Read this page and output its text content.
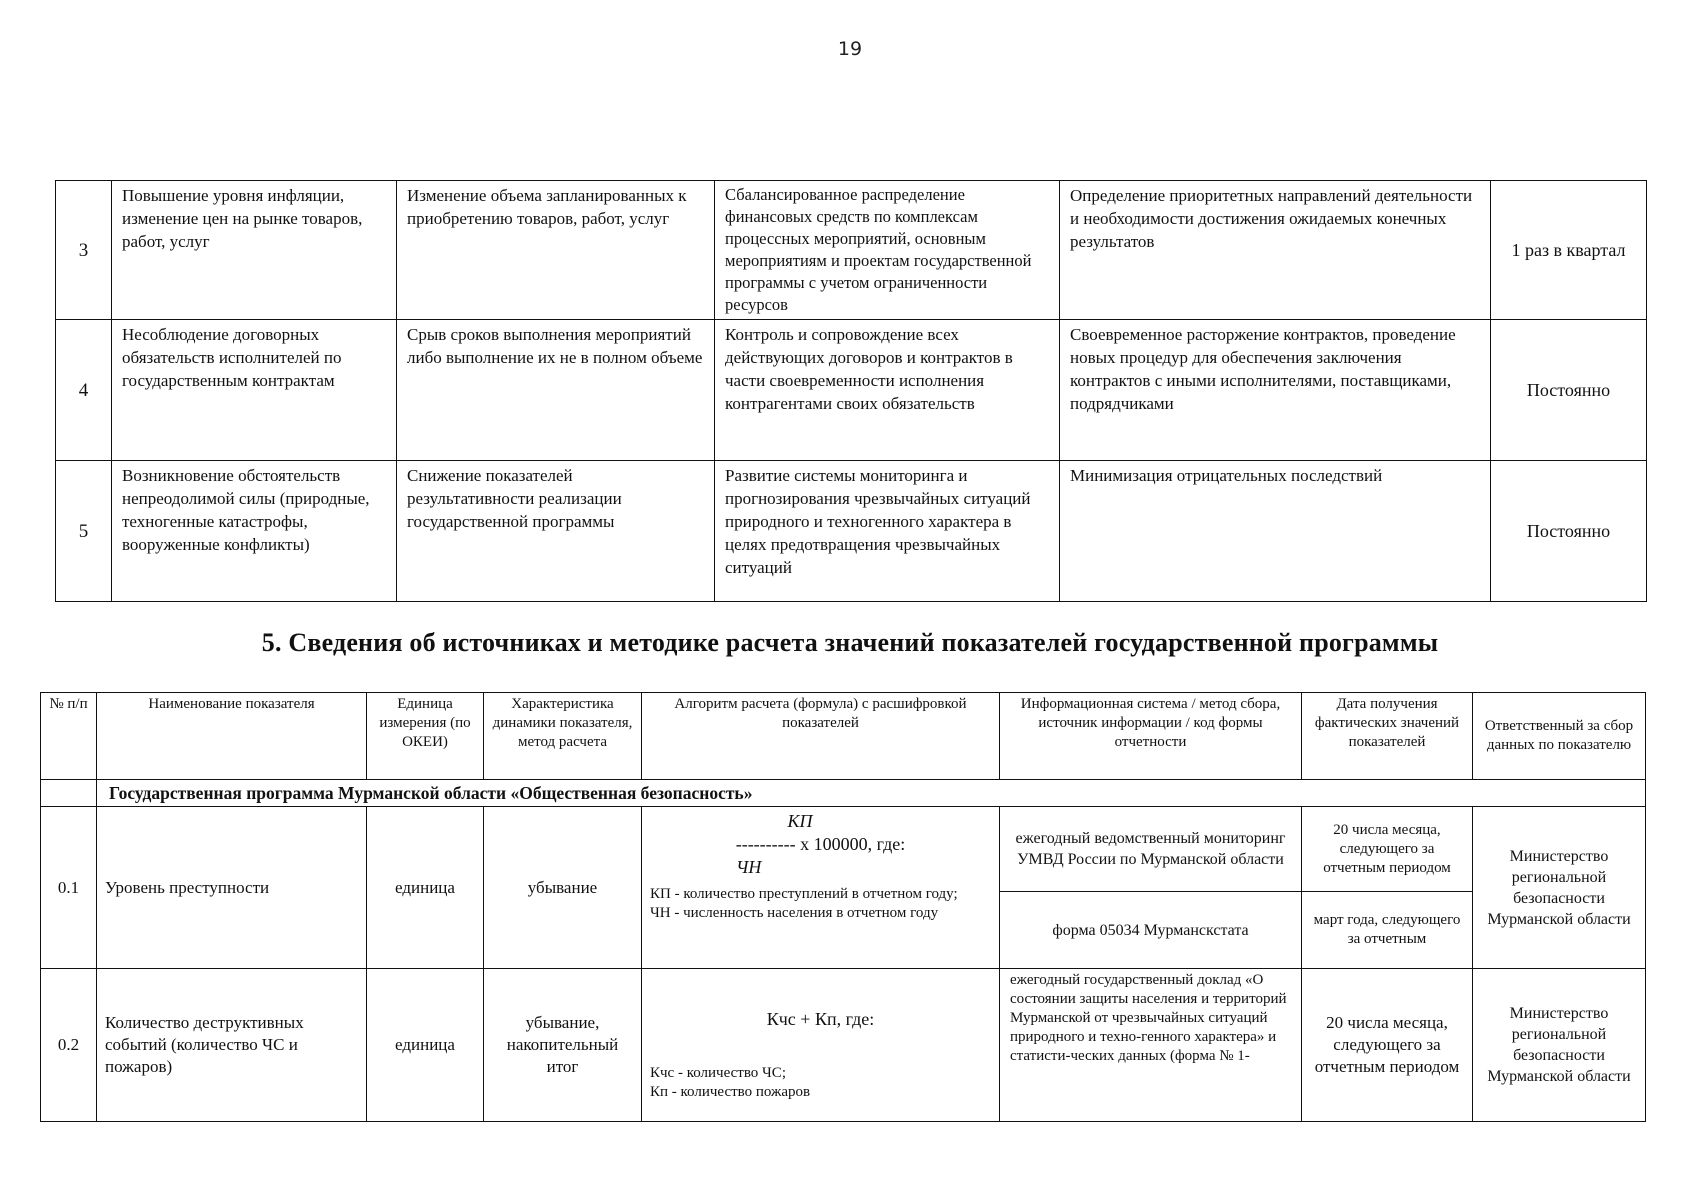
19
3	Повышение уровня инфляции, изменение цен на рынке товаров, работ, услуг	Изменение объема запланированных к приобретению товаров, работ, услуг	Сбалансированное распределение финансовых средств по комплексам процессных мероприятий, основным мероприятиям и проектам государственной программы с учетом ограниченности ресурсов	Определение приоритетных направлений деятельности и необходимости достижения ожидаемых конечных результатов	1 раз в квартал
4	Несоблюдение договорных обязательств исполнителей по государственным контрактам	Срыв сроков выполнения мероприятий либо выполнение их не в полном объеме	Контроль и сопровождение всех действующих договоров и контрактов в части своевременности исполнения контрагентами своих обязательств	Своевременное расторжение контрактов, проведение новых процедур для обеспечения заключения контрактов с иными исполнителями, поставщиками, подрядчиками	Постоянно
5	Возникновение обстоятельств непреодолимой силы (природные, техногенные катастрофы, вооруженные конфликты)	Снижение показателей результативности реализации государственной программы	Развитие системы мониторинга и прогнозирования чрезвычайных ситуаций природного и техногенного характера в целях предотвращения чрезвычайных ситуаций	Минимизация отрицательных последствий	Постоянно
5. Сведения об источниках и методике расчета значений показателей государственной программы
№ п/п	Наименование показателя	Единица измерения (по ОКЕИ)	Характеристика динамики показателя, метод расчета	Алгоритм расчета (формула) с расшифровкой показателей	Информационная система / метод сбора, источник информации / код формы отчетности	Дата получения фактических значений показателей	Ответственный за сбор данных по показателю
	Государственная программа Мурманской области «Общественная безопасность»						
0.1	Уровень преступности	единица	убывание	КП
---------- х 100000, где:
ЧН
КП - количество преступлений в отчетном году;
ЧН - численность населения в отчетном году	ежегодный ведомственный мониторинг УМВД России по Мурманской области	20 числа месяца, следующего за отчетным периодом	Министерство региональной безопасности Мурманской области
					форма 05034 Мурманскстата	март года, следующего за отчетным	
0.2	Количество деструктивных событий (количество ЧС и пожаров)	единица	убывание, накопительный итог	Кчс + Кп, где:
Кчс - количество ЧС;
Кп - количество пожаров	ежегодный государственный доклад «О состоянии защиты населения и территорий Мурманской от чрезвычайных ситуаций природного и техно-генного характера» и статисти-ческих данных (форма № 1-	20 числа месяца, следующего за отчетным периодом	Министерство региональной безопасности Мурманской области
